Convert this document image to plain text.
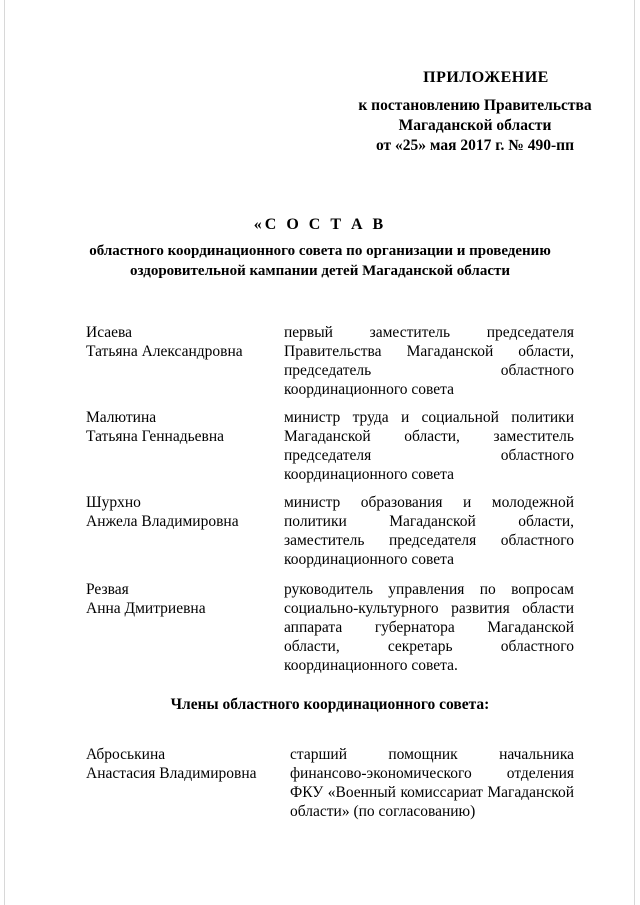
ПРИЛОЖЕНИЕ
к постановлению Правительства
Магаданской области
от «25» мая 2017 г. № 490-пп
«С О С Т А В
областного координационного совета по организации и проведению
оздоровительной кампании детей Магаданской области
Исаева
Татьяна Александровна
первый заместитель председателя Правительства Магаданской области, председатель областного координационного совета
Малютина
Татьяна Геннадьевна
министр труда и социальной политики Магаданской области, заместитель председателя областного координационного совета
Шурхно
Анжела Владимировна
министр образования и молодежной политики Магаданской области, заместитель председателя областного координационного совета
Резвая
Анна Дмитриевна
руководитель управления по вопросам социально-культурного развития области аппарата губернатора Магаданской области, секретарь областного координационного совета.
Члены областного координационного совета:
Аброськина
Анастасия Владимировна
старший помощник начальника финансово-экономического отделения ФКУ «Военный комиссариат Магаданской области» (по согласованию)
